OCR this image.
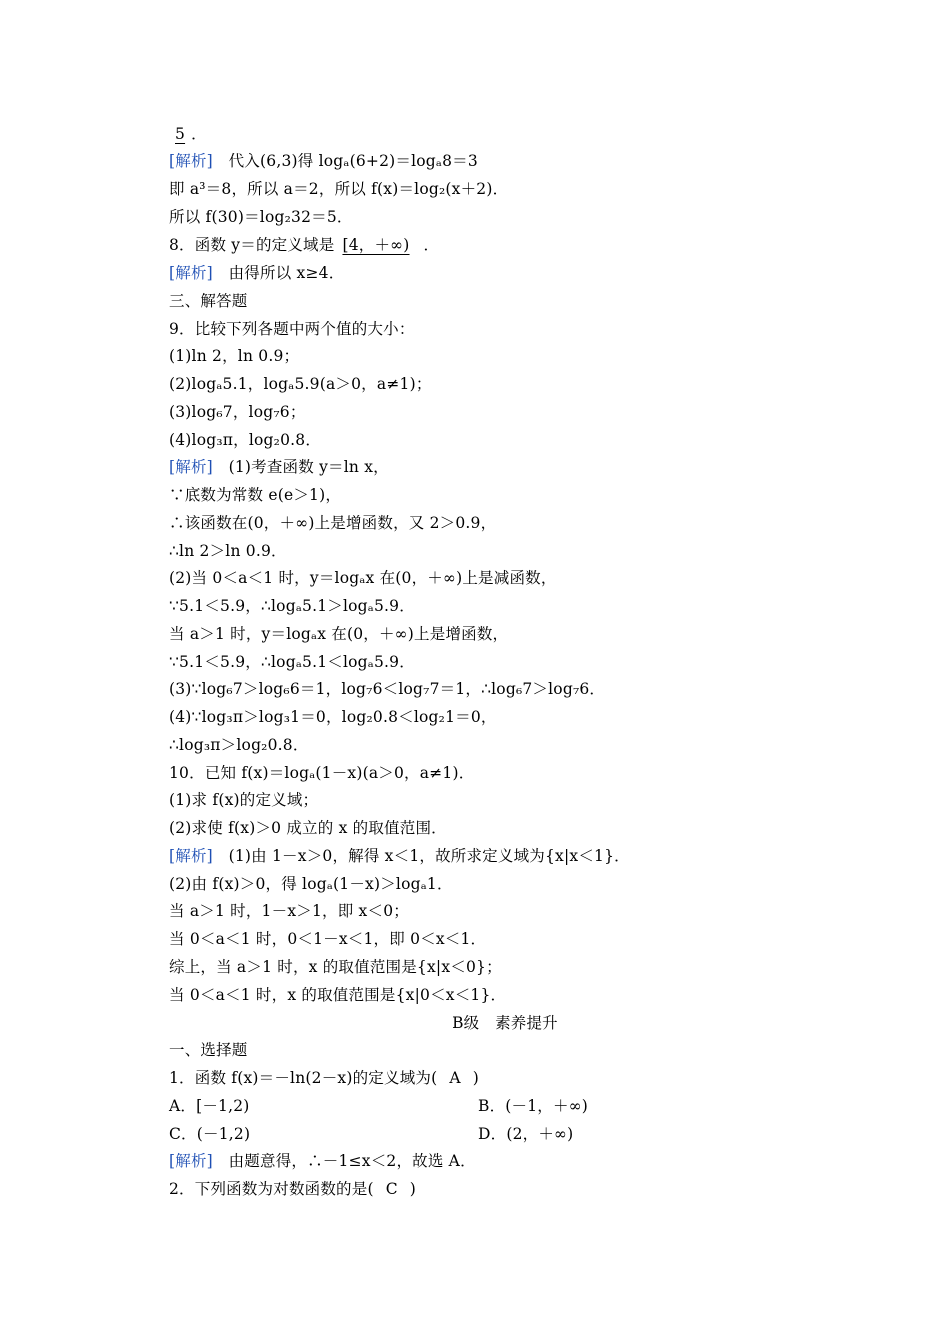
5 ．
[解析]　代入(6,3)得 logₐ(6+2)＝logₐ8＝3
即 a³＝8，所以 a＝2，所以 f(x)＝log₂(x＋2)．
所以 f(30)＝log₂32＝5．
8．函数 y＝的定义域是 [4，＋∞) ．
[解析]　由得所以 x≥4．
三、解答题
9．比较下列各题中两个值的大小：
(1)ln 2，ln 0.9；
(2)logₐ5.1，logₐ5.9(a＞0，a≠1)；
(3)log₆7，log₇6；
(4)log₃π，log₂0.8．
[解析]　(1)考查函数 y＝ln x，
∵底数为常数 e(e＞1)，
∴该函数在(0，＋∞)上是增函数，又 2＞0.9，
∴ln 2＞ln 0.9．
(2)当 0＜a＜1 时，y＝logₐx 在(0，＋∞)上是减函数，
∵5.1＜5.9，∴logₐ5.1＞logₐ5.9．
当 a＞1 时，y＝logₐx 在(0，＋∞)上是增函数，
∵5.1＜5.9，∴logₐ5.1＜logₐ5.9．
(3)∵log₆7＞log₆6＝1，log₇6＜log₇7＝1，∴log₆7＞log₇6．
(4)∵log₃π＞log₃1＝0，log₂0.8＜log₂1＝0，
∴log₃π＞log₂0.8．
10．已知 f(x)＝logₐ(1－x)(a＞0，a≠1)．
(1)求 f(x)的定义域；
(2)求使 f(x)＞0 成立的 x 的取值范围．
[解析]　(1)由 1－x＞0，解得 x＜1，故所求定义域为{x|x＜1}．
(2)由 f(x)＞0，得 logₐ(1－x)＞logₐ1．
当 a＞1 时，1－x＞1，即 x＜0；
当 0＜a＜1 时，0＜1－x＜1，即 0＜x＜1．
综上，当 a＞1 时，x 的取值范围是{x|x＜0}；
当 0＜a＜1 时，x 的取值范围是{x|0＜x＜1}．
B级　素养提升
一、选择题
1．函数 f(x)＝－ln(2－x)的定义域为( A )
A．[－1,2)	B．(－1，＋∞)
C．(－1,2)	D．(2，＋∞)
[解析]　由题意得，∴－1≤x＜2，故选 A．
2．下列函数为对数函数的是( C )
